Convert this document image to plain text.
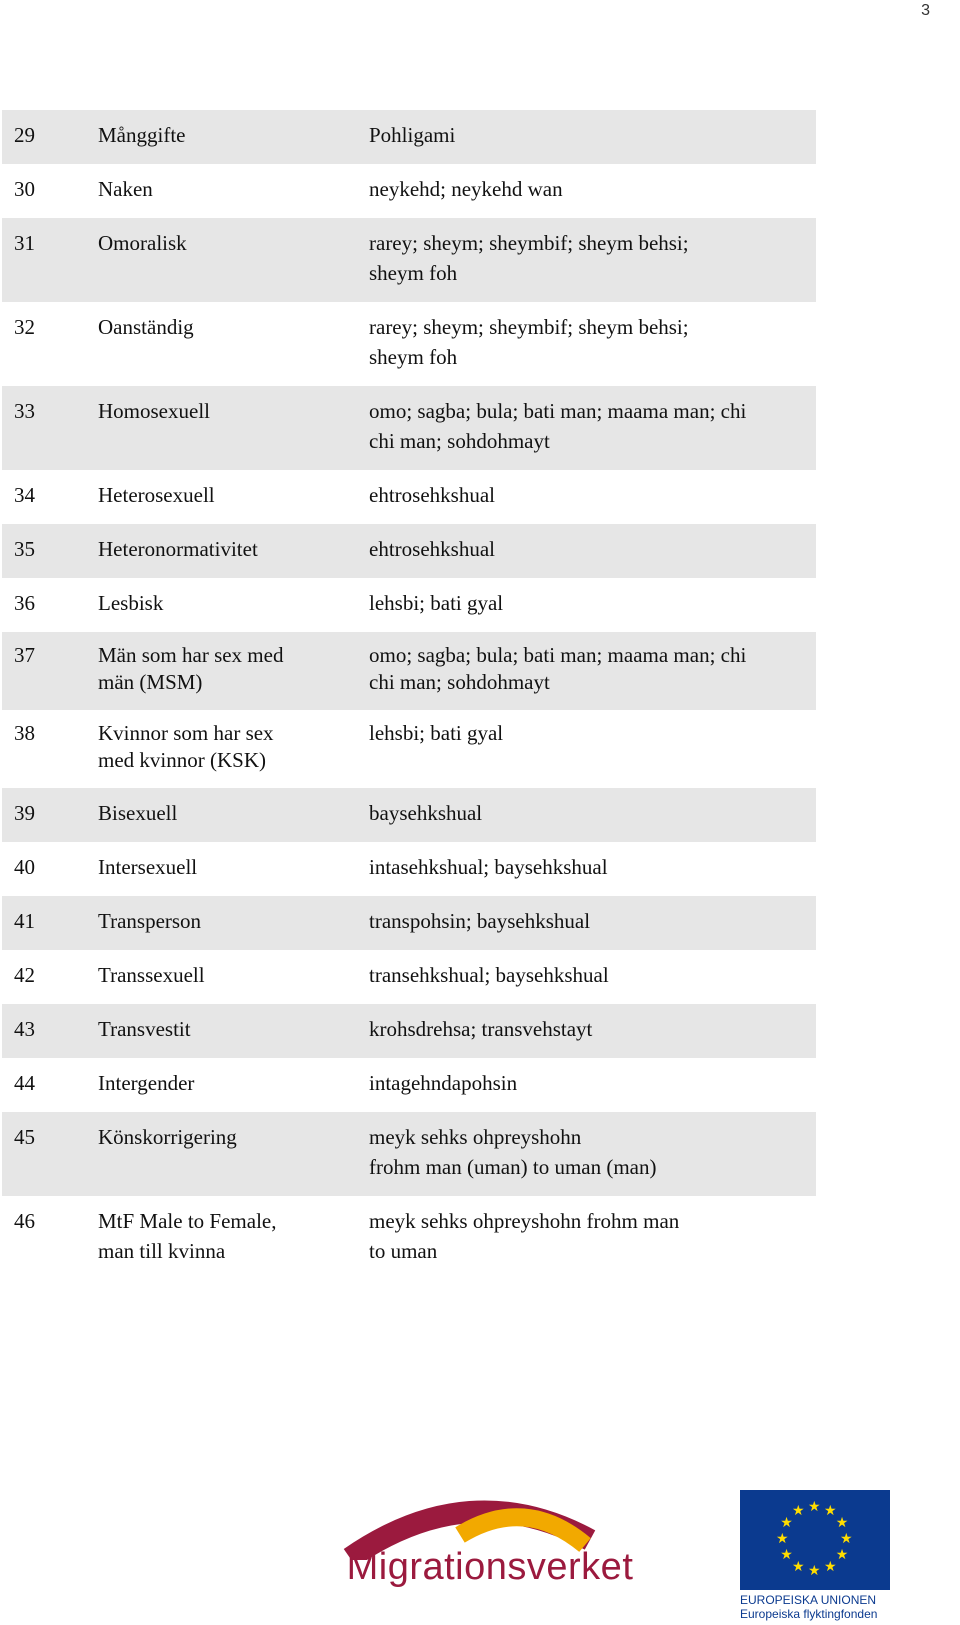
3
29	Månggifte	Pohligami
30	Naken	neykehd; neykehd wan
31	Omoralisk	rarey; sheym; sheymbif; sheym behsi;
sheym foh
32	Oanständig	rarey; sheym; sheymbif; sheym behsi;
sheym foh
33	Homosexuell	omo; sagba; bula; bati man; maama man; chi
chi man; sohdohmayt
34	Heterosexuell	ehtrosehkshual
35	Heteronormativitet	ehtrosehkshual
36	Lesbisk	lehsbi; bati gyal
37	Män som har sex med
män (MSM)	omo; sagba; bula; bati man; maama man; chi
chi man; sohdohmayt
38	Kvinnor som har sex
med kvinnor (KSK)	lehsbi; bati gyal
39	Bisexuell	baysehkshual
40	Intersexuell	intasehkshual; baysehkshual
41	Transperson	transpohsin; baysehkshual
42	Transsexuell	transehkshual; baysehkshual
43	Transvestit	krohsdrehsa; transvehstayt
44	Intergender	intagehndapohsin
45	Könskorrigering	meyk sehks ohpreyshohn
frohm man (uman) to uman (man)
46	MtF Male to Female,
man till kvinna	meyk sehks ohpreyshohn frohm man
to uman
Migrationsverket
★ ★
★
★
★
★
★
★
★
★
★
★
EUROPEISKA UNIONEN
Europeiska flyktingfonden
